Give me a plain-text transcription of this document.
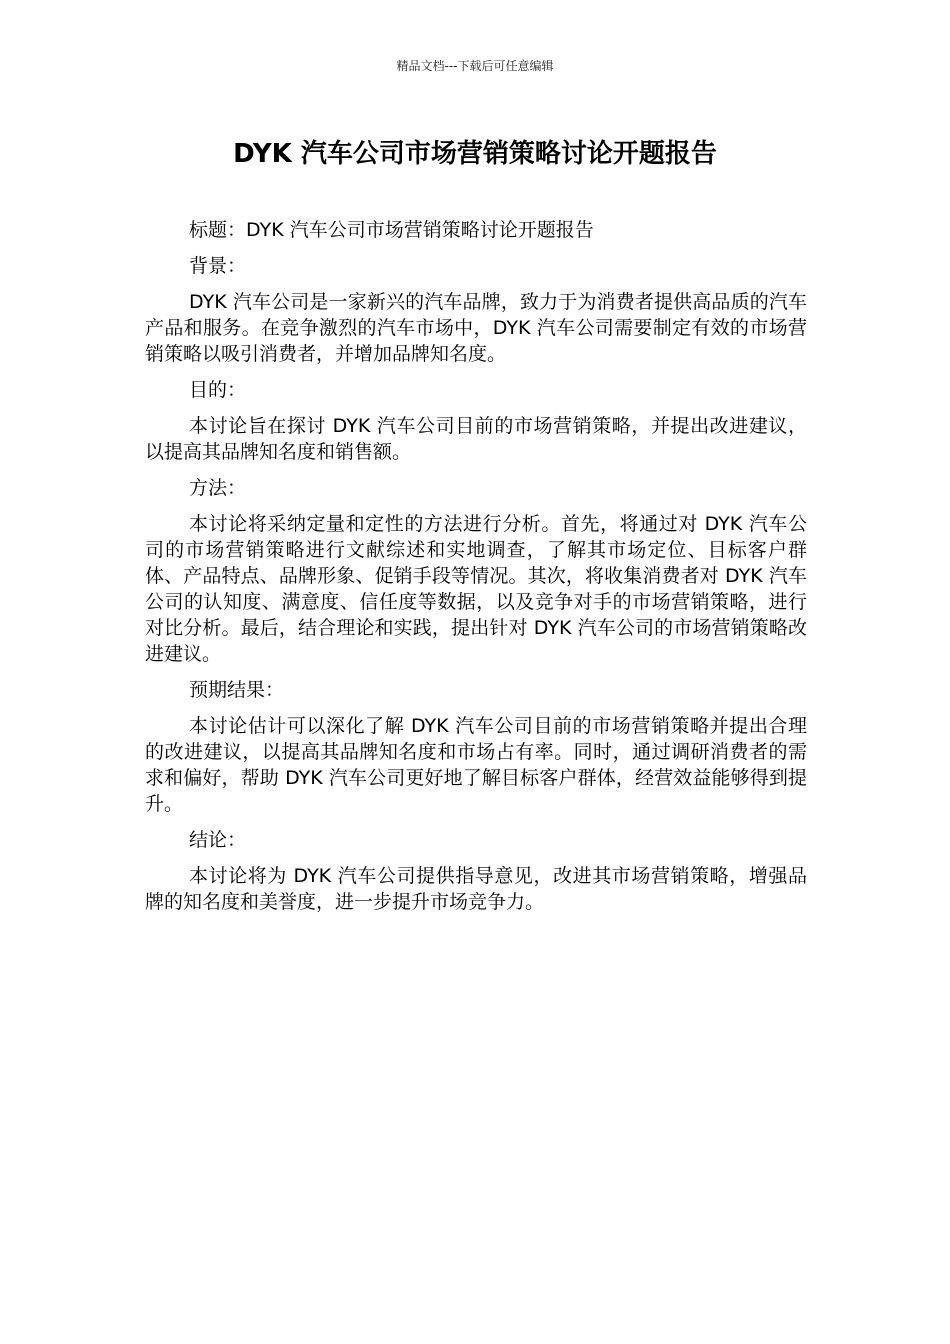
精品文档---下载后可任意编辑
DYK 汽车公司市场营销策略讨论开题报告

标题：DYK 汽车公司市场营销策略讨论开题报告

背景：

DYK 汽车公司是一家新兴的汽车品牌，致力于为消费者提供高品质的汽车产品和服务。在竞争激烈的汽车市场中，DYK 汽车公司需要制定有效的市场营销策略以吸引消费者，并增加品牌知名度。

目的：

本讨论旨在探讨 DYK 汽车公司目前的市场营销策略，并提出改进建议，以提高其品牌知名度和销售额。

方法：

本讨论将采纳定量和定性的方法进行分析。首先，将通过对 DYK 汽车公司的市场营销策略进行文献综述和实地调查，了解其市场定位、目标客户群体、产品特点、品牌形象、促销手段等情况。其次，将收集消费者对 DYK 汽车公司的认知度、满意度、信任度等数据，以及竞争对手的市场营销策略，进行对比分析。最后，结合理论和实践，提出针对 DYK 汽车公司的市场营销策略改进建议。

预期结果：

本讨论估计可以深化了解 DYK 汽车公司目前的市场营销策略并提出合理的改进建议，以提高其品牌知名度和市场占有率。同时，通过调研消费者的需求和偏好，帮助 DYK 汽车公司更好地了解目标客户群体，经营效益能够得到提升。

结论：

本讨论将为 DYK 汽车公司提供指导意见，改进其市场营销策略，增强品牌的知名度和美誉度，进一步提升市场竞争力。
